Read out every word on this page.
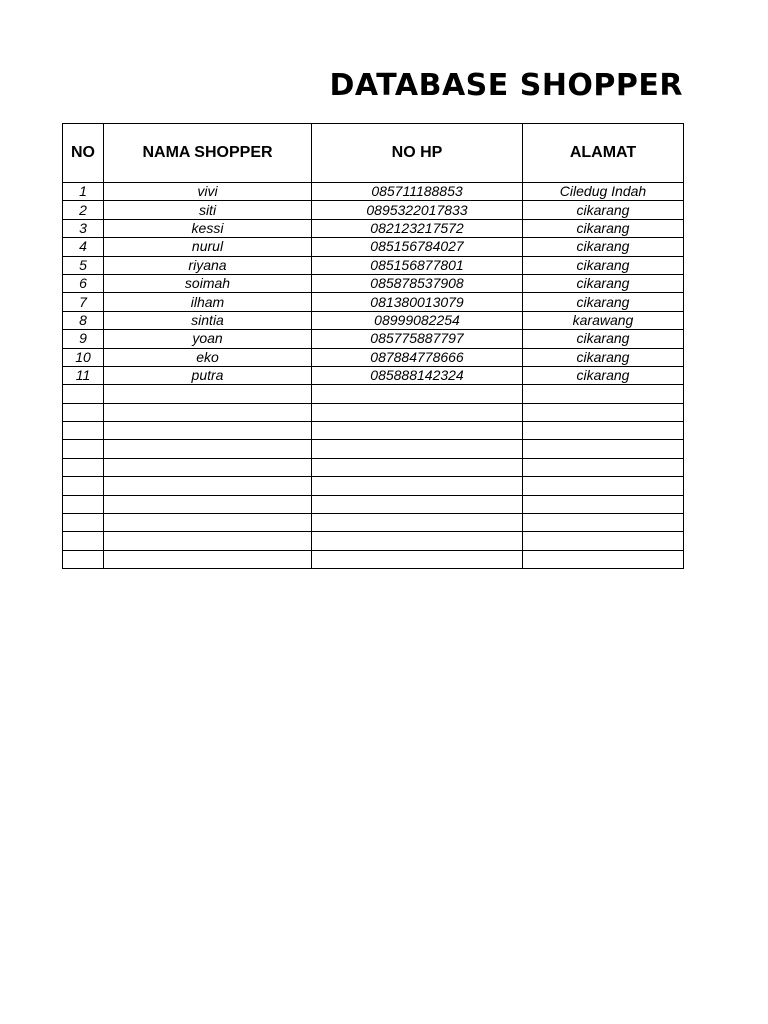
DATABASE SHOPPER
NO	NAMA SHOPPER	NO HP	ALAMAT
1	vivi	085711188853	Ciledug Indah
2	siti	0895322017833	cikarang
3	kessi	082123217572	cikarang
4	nurul	085156784027	cikarang
5	riyana	085156877801	cikarang
6	soimah	085878537908	cikarang
7	ilham	081380013079	cikarang
8	sintia	08999082254	karawang
9	yoan	085775887797	cikarang
10	eko	087884778666	cikarang
11	putra	085888142324	cikarang
